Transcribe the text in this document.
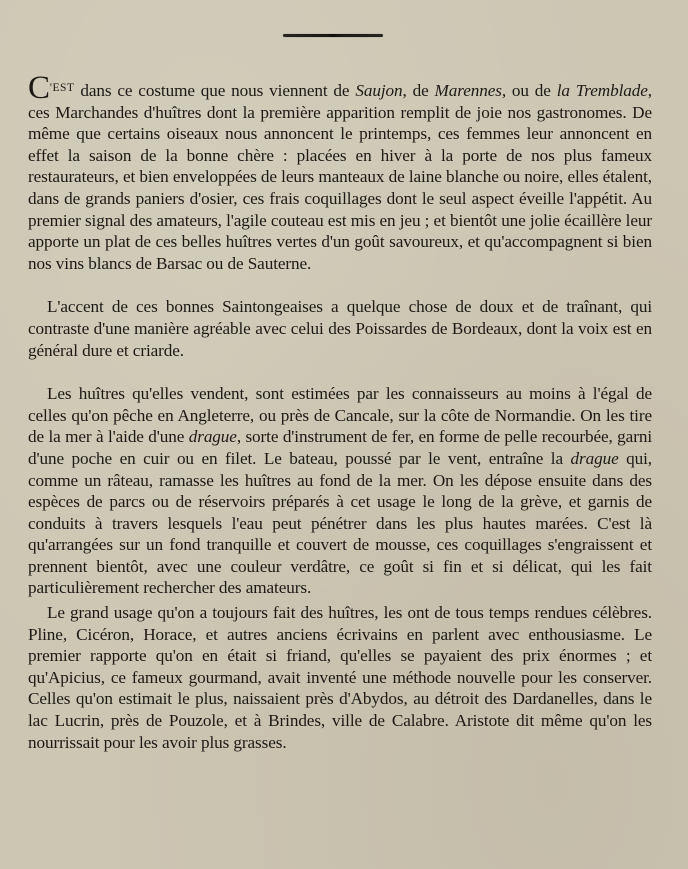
$C^{'EST}$ dans ce costume que nous viennent de Saujon, de Marennes, ou de la Tremblade, ces Marchandes d'huîtres dont la première apparition remplit de joie nos gastronomes. De même que certains oiseaux nous annoncent le printemps, ces femmes leur annoncent en effet la saison de la bonne chère : placées en hiver à la porte de nos plus fameux restaurateurs, et bien enveloppées de leurs manteaux de laine blanche ou noire, elles étalent, dans de grands paniers d'osier, ces frais coquillages dont le seul aspect éveille l'appétit. Au premier signal des amateurs, l'agile couteau est mis en jeu ; et bientôt une jolie écaillère leur apporte un plat de ces belles huîtres vertes d'un goût savoureux, et qu'accompagnent si bien nos vins blancs de Barsac ou de Sauterne.

L'accent de ces bonnes Saintongeaises a quelque chose de doux et de traînant, qui contraste d'une manière agréable avec celui des Poissardes de Bordeaux, dont la voix est en général dure et criarde.

Les huîtres qu'elles vendent, sont estimées par les connaisseurs au moins à l'égal de celles qu'on pêche en Angleterre, ou près de Cancale, sur la côte de Normandie. On les tire de la mer à l'aide d'une drague, sorte d'instrument de fer, en forme de pelle recourbée, garni d'une poche en cuir ou en filet. Le bateau, poussé par le vent, entraîne la drague qui, comme un râteau, ramasse les huîtres au fond de la mer. On les dépose ensuite dans des espèces de parcs ou de réservoirs préparés à cet usage le long de la grève, et garnis de conduits à travers lesquels l'eau peut pénétrer dans les plus hautes marées. C'est là qu'arrangées sur un fond tranquille et couvert de mousse, ces coquillages s'engraissent et prennent bientôt, avec une couleur verdâtre, ce goût si fin et si délicat, qui les fait particulièrement rechercher des amateurs.

Le grand usage qu'on a toujours fait des huîtres, les ont de tous temps rendues célèbres. Pline, Cicéron, Horace, et autres anciens écrivains en parlent avec enthousiasme. Le premier rapporte qu'on en était si friand, qu'elles se payaient des prix énormes ; et qu'Apicius, ce fameux gourmand, avait inventé une méthode nouvelle pour les conserver. Celles qu'on estimait le plus, naissaient près d'Abydos, au détroit des Dardanelles, dans le lac Lucrin, près de Pouzole, et à Brindes, ville de Calabre. Aristote dit même qu'on les nourrissait pour les avoir plus grasses.
